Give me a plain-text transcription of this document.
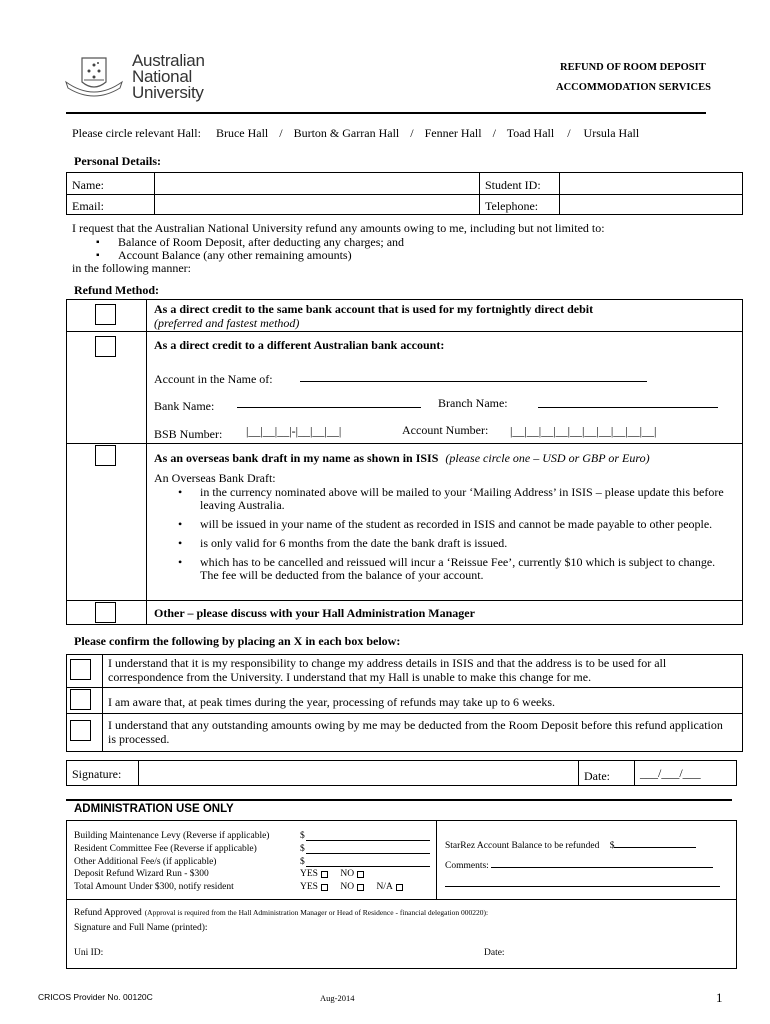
Australian
National
University
REFUND OF ROOM DEPOSIT
ACCOMMODATION SERVICES
Please circle relevant Hall: Bruce Hall / Burton & Garran Hall / Fenner Hall / Toad Hall / Ursula Hall
Personal Details:
Name:	Student ID:
Email:	Telephone:
I request that the Australian National University refund any amounts owing to me, including but not limited to:
▪ Balance of Room Deposit, after deducting any charges; and
▪ Account Balance (any other remaining amounts)
in the following manner:
Refund Method:
As a direct credit to the same bank account that is used for my fortnightly direct debit
(preferred and fastest method)
As a direct credit to a different Australian bank account:
Account in the Name of:
Bank Name:	Branch Name:
BSB Number: |__|__|__|-|__|__|__|	Account Number: |__|__|__|__|__|__|__|__|__|__|
As an overseas bank draft in my name as shown in ISIS (please circle one – USD or GBP or Euro)
An Overseas Bank Draft:
• in the currency nominated above will be mailed to your ‘Mailing Address’ in ISIS – please update this before leaving Australia.
• will be issued in your name of the student as recorded in ISIS and cannot be made payable to other people.
• is only valid for 6 months from the date the bank draft is issued.
• which has to be cancelled and reissued will incur a ‘Reissue Fee’, currently $10 which is subject to change. The fee will be deducted from the balance of your account.
Other – please discuss with your Hall Administration Manager
Please confirm the following by placing an X in each box below:
I understand that it is my responsibility to change my address details in ISIS and that the address is to be used for all correspondence from the University. I understand that my Hall is unable to make this change for me.
I am aware that, at peak times during the year, processing of refunds may take up to 6 weeks.
I understand that any outstanding amounts owing by me may be deducted from the Room Deposit before this refund application is processed.
Signature:	Date:	___/___/___
ADMINISTRATION USE ONLY
Building Maintenance Levy (Reverse if applicable)	$
Resident Committee Fee (Reverse if applicable)	$
Other Additional Fee/s (if applicable)	$
Deposit Refund Wizard Run - $300	YES NO
Total Amount Under $300, notify resident	YES NO N/A
StarRez Account Balance to be refunded $
Comments:
Refund Approved (Approval is required from the Hall Administration Manager or Head of Residence - financial delegation 000220):
Signature and Full Name (printed):
Uni ID:	Date:
CRICOS Provider No. 00120C	Aug-2014	1
